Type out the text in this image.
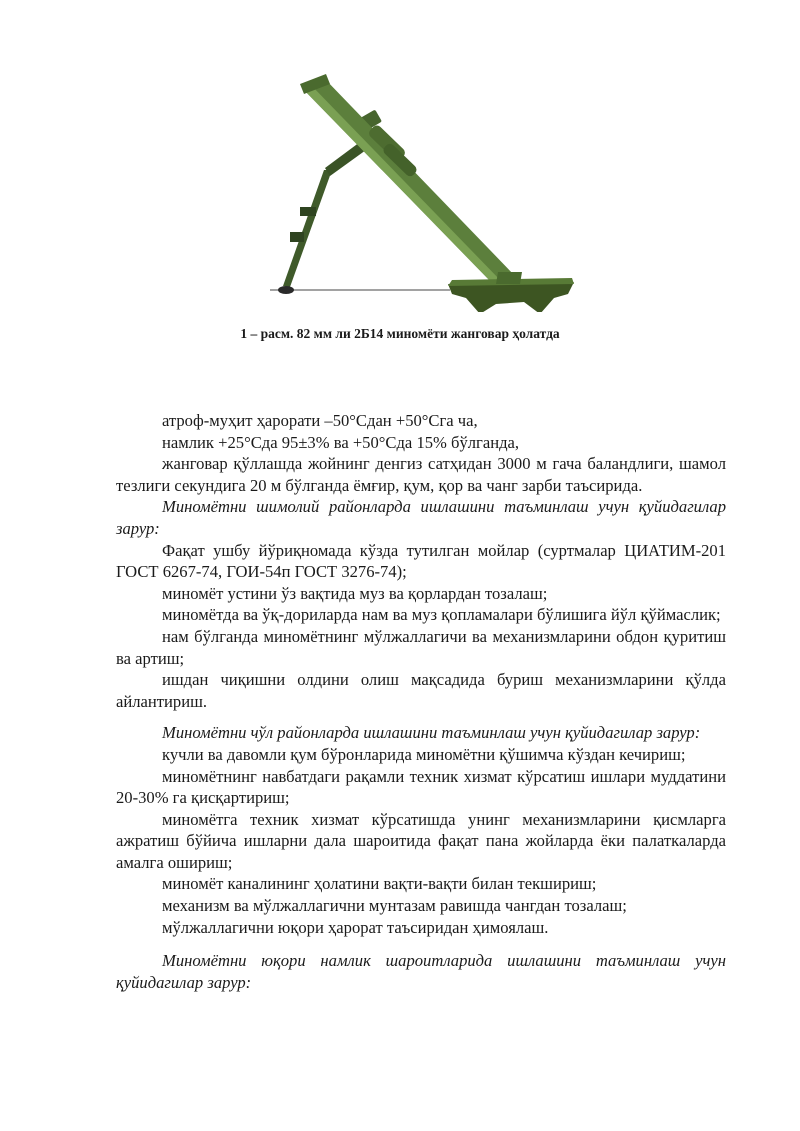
1 – расм. 82 мм ли 2Б14 миномёти жанговар ҳолатда

атроф-муҳит ҳарорати –50°Сдан +50°Сга ча,

намлик +25°Сда 95±3% ва +50°Сда 15% бўлганда,

жанговар қўллашда жойнинг денгиз сатҳидан 3000 м гача баландлиги, шамол тезлиги секундига 20 м бўлганда ёмғир, қум, қор ва чанг зарби таъсирида.

Миномётни шимолий районларда ишлашини таъминлаш учун қуйидагилар зарур:

Фақат ушбу йўриқномада кўзда тутилган мойлар (суртмалар ЦИАТИМ-201 ГОСТ 6267-74, ГОИ-54п ГОСТ 3276-74);

миномёт устини ўз вақтида муз ва қорлардан тозалаш;

миномётда ва ўқ-дориларда нам ва муз қопламалари бўлишига йўл қўймаслик;

нам бўлганда миномётнинг мўлжаллагичи ва механизмларини обдон қуритиш ва артиш;

ишдан чиқишни олдини олиш мақсадида буриш механизмларини қўлда айлантириш.

Миномётни чўл районларда ишлашини таъминлаш учун қуйидагилар зарур:

кучли ва давомли қум бўронларида миномётни қўшимча кўздан кечириш;

миномётнинг навбатдаги рақамли техник хизмат кўрсатиш ишлари муддатини 20-30% га қисқартириш;

миномётга техник хизмат кўрсатишда унинг механизмларини қисмларга ажратиш бўйича ишларни дала шароитида фақат пана жойларда ёки палаткаларда амалга ошириш;

миномёт каналининг ҳолатини вақти-вақти билан текшириш;

механизм ва мўлжаллагични мунтазам равишда чангдан тозалаш;

мўлжаллагични юқори ҳарорат таъсиридан ҳимоялаш.

Миномётни юқори намлик шароитларида ишлашини таъминлаш учун қуйидагилар зарур:
